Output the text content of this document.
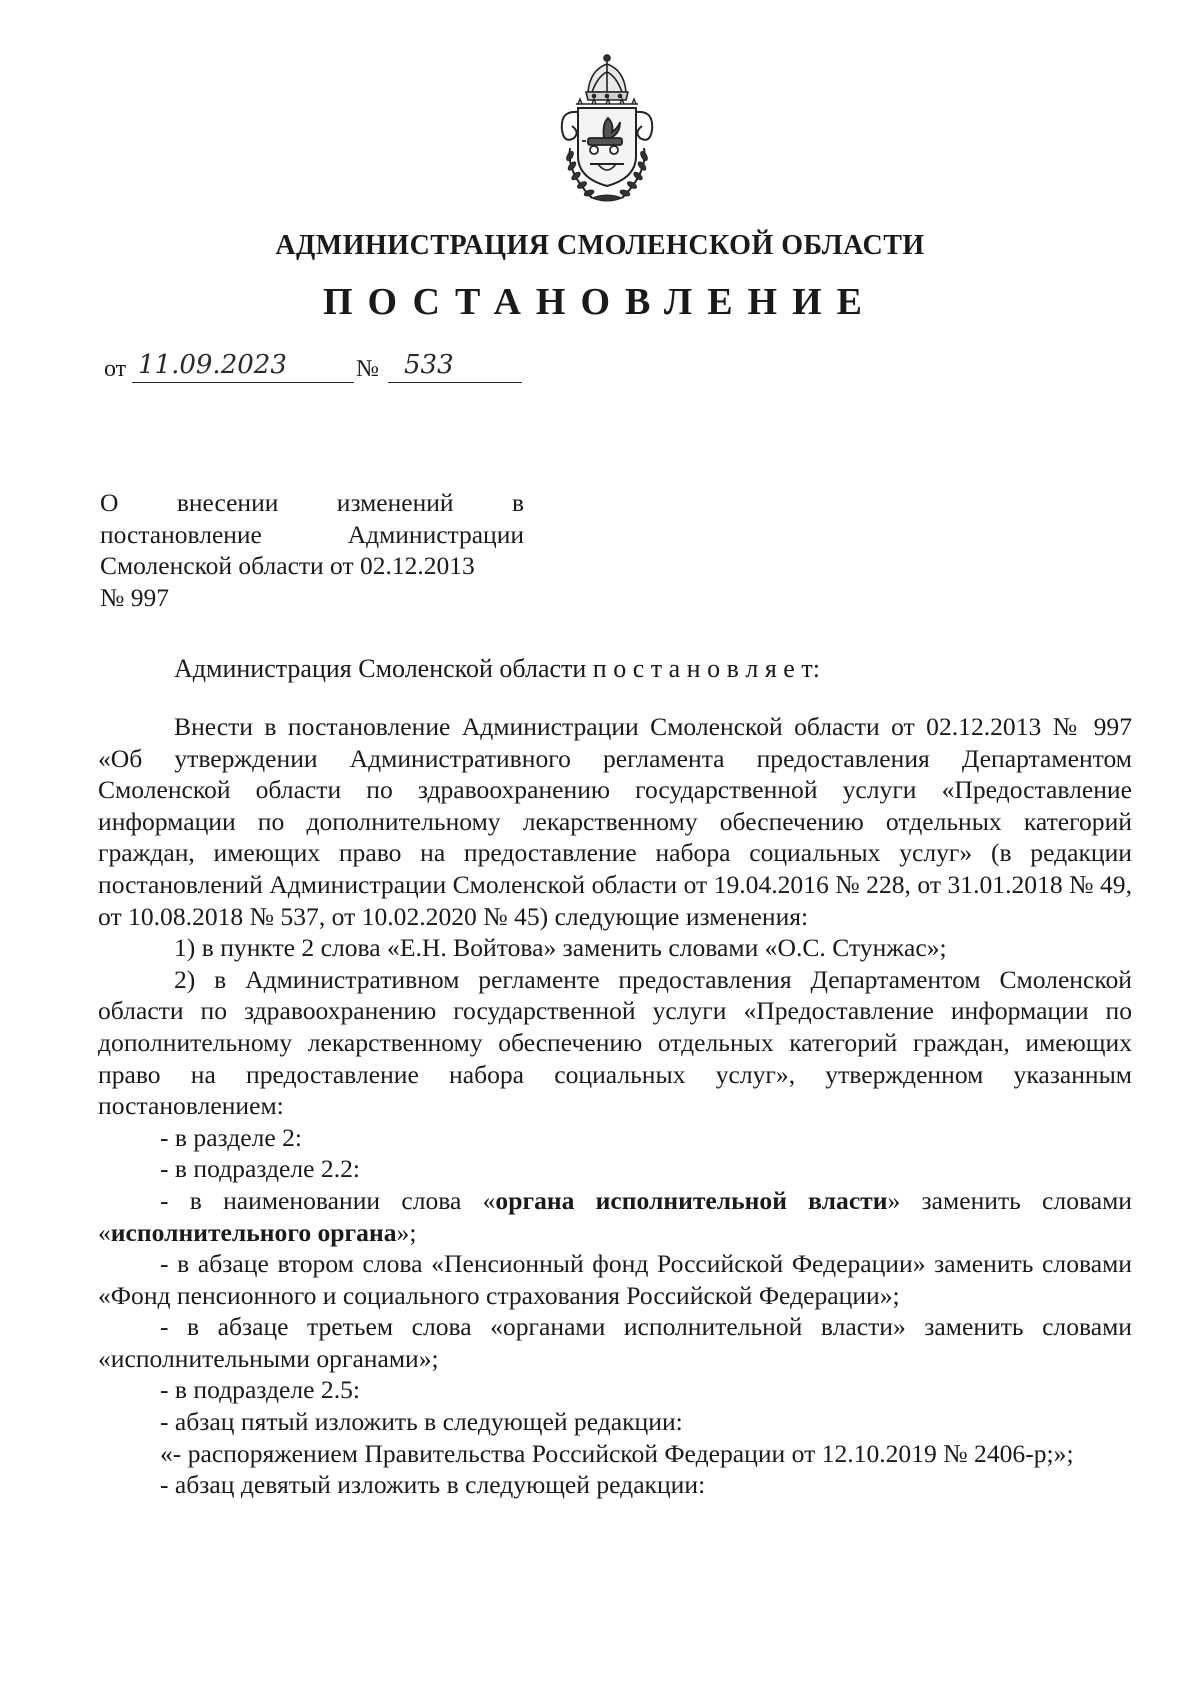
АДМИНИСТРАЦИЯ СМОЛЕНСКОЙ ОБЛАСТИ
ПОСТАНОВЛЕНИЕ
от 11.09.2023	№ 533
О внесении изменений в
постановление Администрации
Смоленской области от 02.12.2013
№ 997
Администрация Смоленской области п о с т а н о в л я е т:

Внести в постановление Администрации Смоленской области от 02.12.2013 № 997 «Об утверждении Административного регламента предоставления Департаментом Смоленской области по здравоохранению государственной услуги «Предоставление информации по дополнительному лекарственному обеспечению отдельных категорий граждан, имеющих право на предоставление набора социальных услуг» (в редакции постановлений Администрации Смоленской области от 19.04.2016 № 228, от 31.01.2018 № 49, от 10.08.2018 № 537, от 10.02.2020 № 45) следующие изменения:

1) в пункте 2 слова «Е.Н. Войтова» заменить словами «О.С. Стунжас»;

2) в Административном регламенте предоставления Департаментом Смоленской области по здравоохранению государственной услуги «Предоставление информации по дополнительному лекарственному обеспечению отдельных категорий граждан, имеющих право на предоставление набора социальных услуг», утвержденном указанным постановлением:

- в разделе 2:

- в подразделе 2.2:

- в наименовании слова «органа исполнительной власти» заменить словами «исполнительного органа»;

- в абзаце втором слова «Пенсионный фонд Российской Федерации» заменить словами «Фонд пенсионного и социального страхования Российской Федерации»;

- в абзаце третьем слова «органами исполнительной власти» заменить словами «исполнительными органами»;

- в подразделе 2.5:

- абзац пятый изложить в следующей редакции:

«- распоряжением Правительства Российской Федерации от 12.10.2019 № 2406-р;»;

- абзац девятый изложить в следующей редакции:
